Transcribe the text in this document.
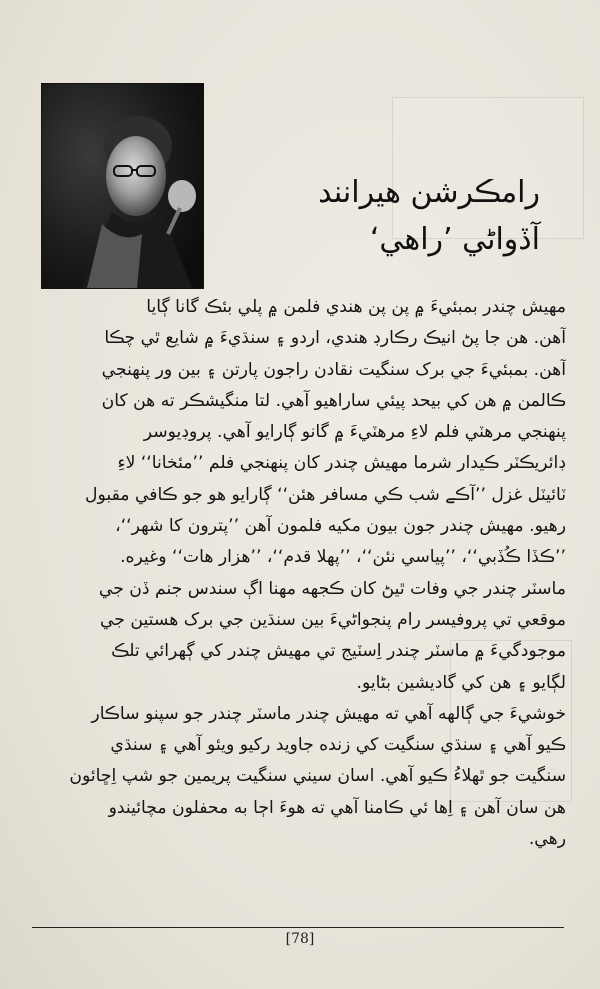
رامڪرشن هيرانند
آڏواڻي ’راهي‘
مهيش چندر بمبئيءَ ۾ پن پن هندي فلمن ۾ پلي بئڪ گانا ڳايا
آهن. هن جا پڻ انيڪ رڪارڊ هندي، اردو ۽ سنڌيءَ ۾ شايع ٿي چڪا
آهن. بمبئيءَ جي برک سنگيت نقادن راجون پارتن ۽ بين ور پنهنجي
ڪالمن ۾ هن کي بيحد پيئي ساراهيو آهي. لتا منگيشڪر ته هن کان
پنهنجي مرهٽي فلم لاءِ مرهٽيءَ ۾ گانو ڳارايو آهي. پروڊيوسر
ڊائريڪٽر ڪيدار شرما مهيش چندر کان پنهنجي فلم ’’مئخانا‘‘ لاءِ
ٽائيٽل غزل ’’آڪے شب ڪي مسافر هئن‘‘ ڳارايو هو جو ڪافي مقبول
رهيو. مهيش چندر جون بيون مکيه فلمون آهن ’’پترون کا شهر‘‘،
’’ڪڏا ڪُڏبي‘‘، ’’پياسي نئن‘‘، ’’پهلا قدم‘‘، ’’هزار هات‘‘ وغيره.
ماسٽر چندر جي وفات ٿيڻ کان ڪجهه مهنا اڳ سندس جنم ڏن جي
موقعي تي پروفيسر رام پنجواڻيءَ بين سنڌين جي برک هستين جي
موجودگيءَ ۾ ماسٽر چندر اِسٽيج تي مهيش چندر کي ڳهرائي تلڪ
لڳايو ۽ هن کي گاديشين بڻايو.
خوشيءَ جي ڳالهه آهي ته مهيش چندر ماسٽر چندر جو سپنو ساڪار
ڪيو آهي ۽ سنڌي سنگيت کي زنده جاويد رکيو ويئو آهي ۽ سنڌي
سنگيت جو ٿهلاءُ ڪيو آهي. اسان سيني سنگيت پريمين جو شپ اِڇائون
هن سان آهن ۽ اِها ئي ڪامنا آهي ته هوءَ اڄا به محفلون مچائيندو
رهي.
[78]
